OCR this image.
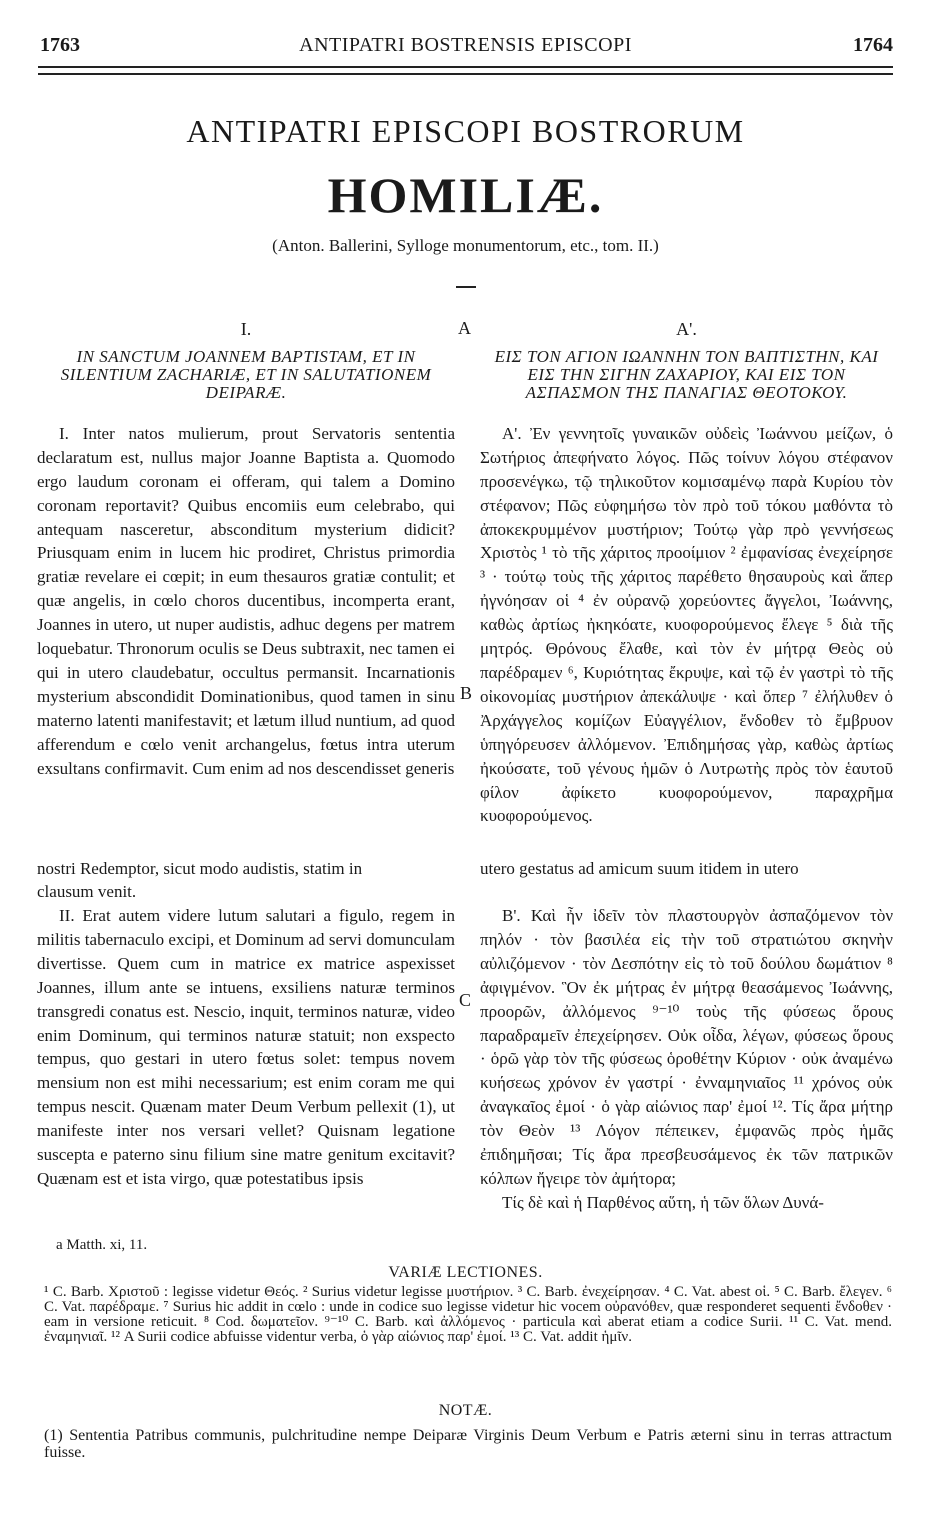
1763	ANTIPATRI BOSTRENSIS EPISCOPI	1764
ANTIPATRI EPISCOPI BOSTRORUM
HOMILIÆ.
(Anton. Ballerini, Sylloge monumentorum, etc., tom. II.)
I.
IN SANCTUM JOANNEM BAPTISTAM, ET IN SILENTIUM ZACHARIÆ, ET IN SALUTATIONEM DEIPARÆ.

I. Inter natos mulierum, prout Servatoris sententia declaratum est, nullus major Joanne Baptista a. Quomodo ergo laudum coronam ei offeram, qui talem a Domino coronam reportavit? Quibus encomiis eum celebrabo, qui antequam nasceretur, absconditum mysterium didicit? Priusquam enim in lucem hic prodiret, Christus primordia gratiæ revelare ei cœpit; in eum thesauros gratiæ contulit; et quæ angelis, in cœlo choros ducentibus, incomperta erant, Joannes in utero, ut nuper audistis, adhuc degens per matrem loquebatur. Thronorum oculis se Deus subtraxit, nec tamen ei qui in utero claudebatur, occultus permansit. Incarnationis mysterium abscondidit Dominationibus, quod tamen in sinu materno latenti manifestavit; et lætum illud nuntium, ad quod afferendum e cœlo venit archangelus, fœtus intra uterum exsultans confirmavit. Cum enim ad nos descendisset generis

Α'.
ΕΙΣ ΤΟΝ ΑΓΙΟΝ ΙΩΑΝΝΗΝ ΤΟΝ ΒΑΠΤΙΣΤΗΝ, ΚΑΙ ΕΙΣ ΤΗΝ ΣΙΓΗΝ ΖΑΧΑΡΙΟΥ, ΚΑΙ ΕΙΣ ΤΟΝ ΑΣΠΑΣΜΟΝ ΤΗΣ ΠΑΝΑΓΙΑΣ ΘΕΟΤΟΚΟΥ.

Α'. Ἐν γεννητοῖς γυναικῶν οὐδεὶς Ἰωάννου μείζων, ὁ Σωτήριος ἀπεφήνατο λόγος. Πῶς τοίνυν λόγου στέφανον προσενέγκω, τῷ τηλικοῦτον κομισαμένῳ παρὰ Κυρίου τὸν στέφανον; Πῶς εὐφημήσω τὸν πρὸ τοῦ τόκου μαθόντα τὸ ἀποκεκρυμμένον μυστήριον; Τούτῳ γὰρ πρὸ γεννήσεως Χριστὸς ¹ τὸ τῆς χάριτος προοίμιον ² ἐμφανίσας ἐνεχείρησε ³ · τούτῳ τοὺς τῆς χάριτος παρέθετο θησαυροὺς καὶ ἅπερ ἠγνόησαν οἱ ⁴ ἐν οὐρανῷ χορεύοντες ἄγγελοι, Ἰωάννης, καθὼς ἀρτίως ἠκηκόατε, κυοφορούμενος ἔλεγε ⁵ διὰ τῆς μητρός. Θρόνους ἔλαθε, καὶ τὸν ἐν μήτρᾳ Θεὸς οὐ παρέδραμεν ⁶, Κυριότητας ἔκρυψε, καὶ τῷ ἐν γαστρὶ τὸ τῆς οἰκονομίας μυστήριον ἀπεκάλυψε · καὶ ὅπερ ⁷ ἐλήλυθεν ὁ Ἀρχάγγελος κομίζων Εὐαγγέλιον, ἔνδοθεν τὸ ἔμβρυον ὑπηγόρευσεν ἀλλόμενον. Ἐπιδημήσας γὰρ, καθὼς ἀρτίως ἠκούσατε, τοῦ γένους ἡμῶν ὁ Λυτρωτὴς πρὸς τὸν ἑαυτοῦ φίλον ἀφίκετο κυοφορούμενον, παραχρῆμα κυοφορούμενος.

nostri Redemptor, sicut modo audistis, statim in	utero gestatus ad amicum suum itidem in utero
clausum venit.

II. Erat autem videre lutum salutari a figulo, regem in militis tabernaculo excipi, et Dominum ad servi domunculam divertisse. Quem cum in matrice ex matrice aspexisset Joannes, illum ante se intuens, exsiliens naturæ terminos transgredi conatus est. Nescio, inquit, terminos naturæ, video enim Dominum, qui terminos naturæ statuit; non exspecto tempus, quo gestari in utero fœtus solet: tempus novem mensium non est mihi necessarium; est enim coram me qui tempus nescit. Quænam mater Deum Verbum pellexit (1), ut manifeste inter nos versari vellet? Quisnam legatione suscepta e paterno sinu filium sine matre genitum excitavit? Quænam est et ista virgo, quæ potestatibus ipsis

Β'. Καὶ ἦν ἰδεῖν τὸν πλαστουργὸν ἀσπαζόμενον τὸν πηλόν · τὸν βασιλέα εἰς τὴν τοῦ στρατιώτου σκηνὴν αὐλιζόμενον · τὸν Δεσπότην εἰς τὸ τοῦ δούλου δωμάτιον ⁸ ἀφιγμένον. Ὃν ἐκ μήτρας ἐν μήτρᾳ θεασάμενος Ἰωάννης, προορῶν, ἀλλόμενος ⁹⁻¹⁰ τοὺς τῆς φύσεως ὅρους παραδραμεῖν ἐπεχείρησεν. Οὐκ οἶδα, λέγων, φύσεως ὅρους · ὁρῶ γὰρ τὸν τῆς φύσεως ὁροθέτην Κύριον · οὐκ ἀναμένω κυήσεως χρόνον ἐν γαστρί · ἐνναμηνιαῖος ¹¹ χρόνος οὐκ ἀναγκαῖος ἐμοί · ὁ γὰρ αἰώνιος παρ' ἐμοί ¹². Τίς ἄρα μήτηρ τὸν Θεὸν ¹³ Λόγον πέπεικεν, ἐμφανῶς πρὸς ἡμᾶς ἐπιδημῆσαι; Τίς ἄρα πρεσβευσάμενος ἐκ τῶν πατρικῶν κόλπων ἤγειρε τὸν ἀμήτορα;

Τίς δὲ καὶ ἡ Παρθένος αὕτη, ἡ τῶν ὅλων Δυνά-

A
B
C
a Matth. xi, 11.
VARIÆ LECTIONES.
¹ C. Barb. Χριστοῦ : legisse videtur Θεός. ² Surius videtur legisse μυστήριον. ³ C. Barb. ἐνεχείρησαν. ⁴ C. Vat. abest οἱ. ⁵ C. Barb. ἔλεγεν. ⁶ C. Vat. παρέδραμε. ⁷ Surius hic addit in cœlo : unde in codice suo legisse videtur hic vocem οὐρανόθεν, quæ responderet sequenti ἔνδοθεν · eam in versione reticuit. ⁸ Cod. δωματεῖον. ⁹⁻¹⁰ C. Barb. καὶ ἀλλόμενος · particula καὶ aberat etiam a codice Surii. ¹¹ C. Vat. mend. ἐναμηνιαῖ. ¹² A Surii codice abfuisse videntur verba, ὁ γὰρ αἰώνιος παρ' ἐμοί. ¹³ C. Vat. addit ἡμῖν.
NOTÆ.
(1) Sententia Patribus communis, pulchritudine nempe Deiparæ Virginis Deum Verbum e Patris æterni sinu in terras attractum fuisse.
